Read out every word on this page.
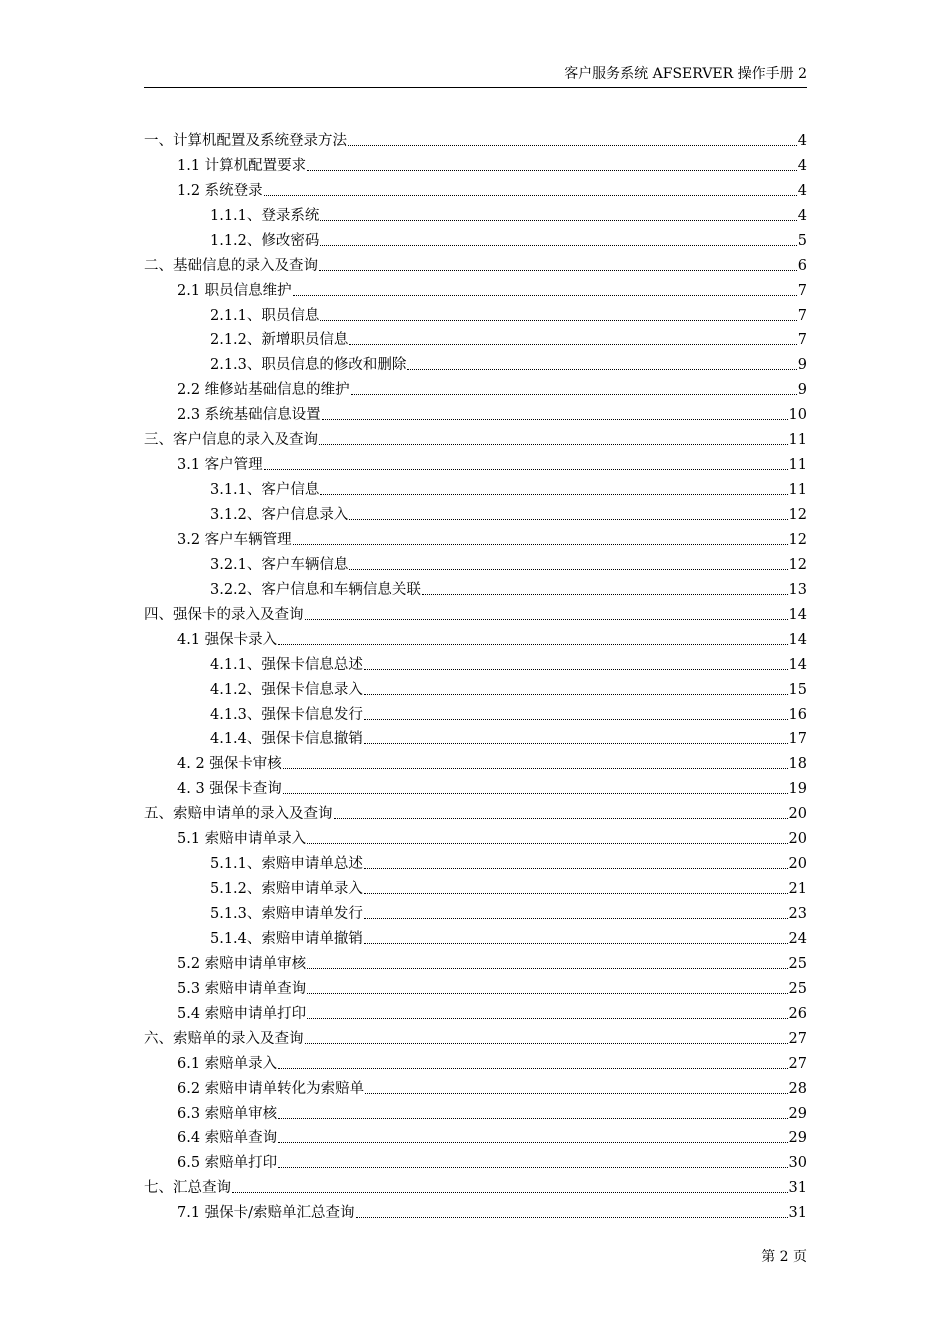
客户服务系统 AFSERVER 操作手册 2
一、计算机配置及系统登录方法	4
1.1 计算机配置要求	4
1.2 系统登录	4
1.1.1、登录系统	4
1.1.2、修改密码	5
二、基础信息的录入及查询	6
2.1 职员信息维护	7
2.1.1、职员信息	7
2.1.2、新增职员信息	7
2.1.3、职员信息的修改和删除	9
2.2 维修站基础信息的维护	9
2.3 系统基础信息设置	10
三、客户信息的录入及查询	11
3.1 客户管理	11
3.1.1、客户信息	11
3.1.2、客户信息录入	12
3.2 客户车辆管理	12
3.2.1、客户车辆信息	12
3.2.2、客户信息和车辆信息关联	13
四、强保卡的录入及查询	14
4.1 强保卡录入	14
4.1.1、强保卡信息总述	14
4.1.2、强保卡信息录入	15
4.1.3、强保卡信息发行	16
4.1.4、强保卡信息撤销	17
4. 2 强保卡审核	18
4. 3 强保卡查询	19
五、索赔申请单的录入及查询	20
5.1 索赔申请单录入	20
5.1.1、索赔申请单总述	20
5.1.2、索赔申请单录入	21
5.1.3、索赔申请单发行	23
5.1.4、索赔申请单撤销	24
5.2 索赔申请单审核	25
5.3 索赔申请单查询	25
5.4 索赔申请单打印	26
六、索赔单的录入及查询	27
6.1 索赔单录入	27
6.2 索赔申请单转化为索赔单	28
6.3 索赔单审核	29
6.4 索赔单查询	29
6.5 索赔单打印	30
七、汇总查询	31
7.1 强保卡/索赔单汇总查询	31
第 2 页
